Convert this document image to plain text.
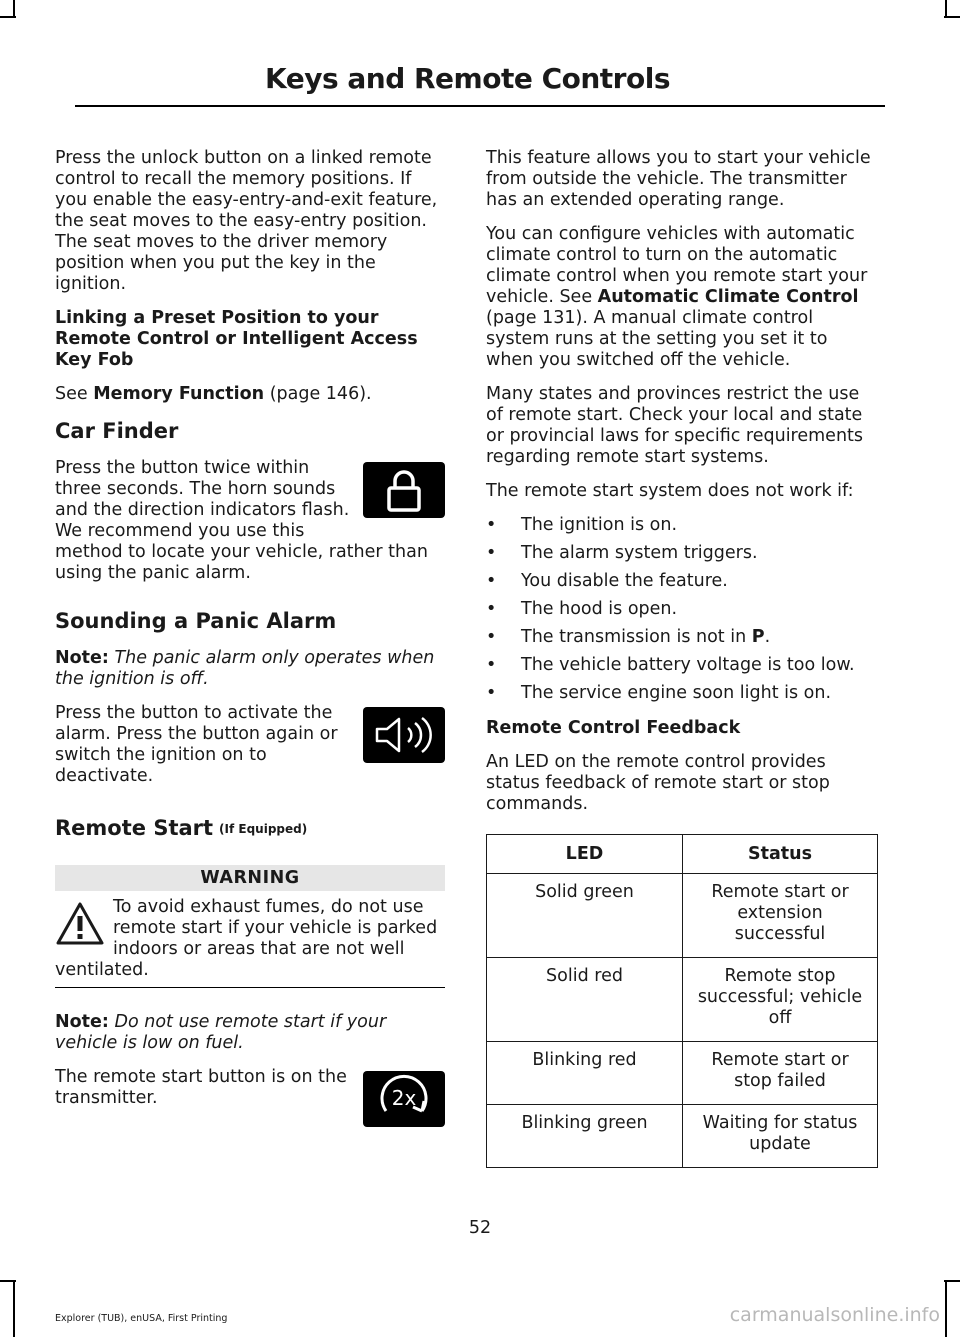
Keys and Remote Controls

Press the unlock button on a linked remote control to recall the memory positions. If you enable the easy-entry-and-exit feature, the seat moves to the easy-entry position. The seat moves to the driver memory position when you put the key in the ignition.

Linking a Preset Position to your Remote Control or Intelligent Access Key Fob

See Memory Function (page 146).

Car Finder

Press the button twice within three seconds. The horn sounds and the direction indicators flash. We recommend you use this method to locate your vehicle, rather than using the panic alarm.

Sounding a Panic Alarm

Note: The panic alarm only operates when the ignition is off.

Press the button to activate the alarm. Press the button again or switch the ignition on to deactivate.

Remote Start (If Equipped)
WARNING

To avoid exhaust fumes, do not use remote start if your vehicle is parked indoors or areas that are not well ventilated.

Note: Do not use remote start if your vehicle is low on fuel.

2x

The remote start button is on the transmitter.

This feature allows you to start your vehicle from outside the vehicle. The transmitter has an extended operating range.

You can configure vehicles with automatic climate control to turn on the automatic climate control when you remote start your vehicle. See Automatic Climate Control (page 131). A manual climate control system runs at the setting you set it to when you switched off the vehicle.

Many states and provinces restrict the use of remote start. Check your local and state or provincial laws for specific requirements regarding remote start systems.

The remote start system does not work if:

• The ignition is on.
• The alarm system triggers.
• You disable the feature.
• The hood is open.
• The transmission is not in P.
• The vehicle battery voltage is too low.
• The service engine soon light is on.
Remote Control Feedback

An LED on the remote control provides status feedback of remote start or stop commands.

LED	Status
Solid green	Remote start or extension successful
Solid red	Remote stop successful; vehicle off
Blinking red	Remote start or stop failed
Blinking green	Waiting for status update
52
Explorer (TUB), enUSA, First Printing	carmanualsonline.info
